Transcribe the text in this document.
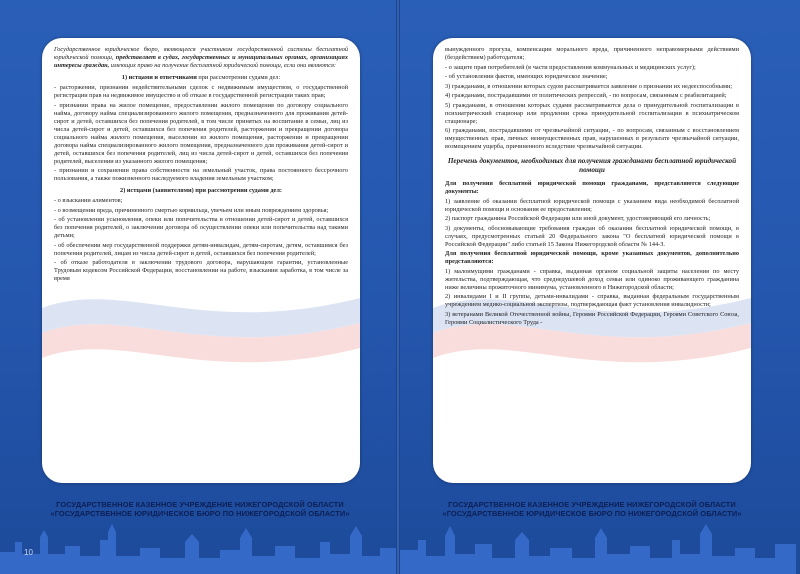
Государственное юридическое бюро, являющееся участником государственной системы бесплатной юридической помощи, представляет в судах, государственных и муниципальных органах, организациях интересы граждан, имеющих право на получение бесплатной юридической помощи, если они являются:

1) истцами и ответчиками при рассмотрении судами дел:

- расторжении, признании недействительными сделок с недвижимым имуществом, о государственной регистрации прав на недвижимое имущество и об отказе в государственной регистрации таких прав;

- признании права на жилое помещение, предоставлении жилого помещения по договору социального найма, договору найма специализированного жилого помещения, предназначенного для проживания детей-сирот и детей, оставшихся без попечения родителей, в том числе принятых на воспитание в семьи, лиц из числа детей-сирот и детей, оставшихся без попечения родителей, расторжении и прекращении договора социального найма жилого помещения, выселении из жилого помещения, расторжении и прекращении договора найма специализированного жилого помещения, предназначенного для проживания детей-сирот и детей, оставшихся без попечения родителей, лиц из числа детей-сирот и детей, оставшихся без попечения родителей, выселении из указанного жилого помещения;

- признании и сохранении права собственности на земельный участок, права постоянного бессрочного пользования, а также пожизненного наследуемого владения земельным участком;

2) истцами (заявителями) при рассмотрении судами дел:

- о взыскании алиментов;

- о возмещении вреда, причиненного смертью кормильца, увечьем или иным повреждением здоровья;

- об установлении усыновления, опеки или попечительства в отношении детей-сирот и детей, оставшихся без попечения родителей, о заключении договора об осуществлении опеки или попечительства над такими детьми;

- об обеспечении мер государственной поддержки детям-инвалидам, детям-сиротам, детям, оставшимся без попечения родителей, лицам из числа детей-сирот и детей, оставшихся без попечения родителей;

- об отказе работодателя в заключении трудового договора, нарушающем гарантии, установленные Трудовым кодексом Российской Федерации, восстановлении на работе, взыскании заработка, в том числе за время

вынужденного прогула, компенсации морального вреда, причиненного неправомерными действиями (бездействием) работодателя;

- о защите прав потребителей (в части предоставления коммунальных и медицинских услуг);

- об установлении фактов, имеющих юридическое значение;

3) гражданами, в отношении которых судом рассматривается заявление о признании их недееспособными;

4) гражданами, пострадавшими от политических репрессий, - по вопросам, связанным с реабилитацией;

5) гражданами, в отношении которых судами рассматриваются дела о принудительной госпитализации в психиатрический стационар или продлении срока принудительной госпитализации в психиатрическом стационаре;

6) гражданами, пострадавшими от чрезвычайной ситуации, - по вопросам, связанным с восстановлением имущественных прав, личных неимущественных прав, нарушенных в результате чрезвычайной ситуации, возмещением ущерба, причиненного вследствие чрезвычайной ситуации.

Перечень документов, необходимых для получения гражданами бесплатной юридической помощи

Для получения бесплатной юридической помощи гражданами, представляются следующие документы:

1) заявление об оказании бесплатной юридической помощи с указанием вида необходимой бесплатной юридической помощи и основания ее предоставления;

2) паспорт гражданина Российской Федерации или иной документ, удостоверяющий его личность;

3) документы, обосновывающие требования граждан об оказании бесплатной юридической помощи, в случаях, предусмотренных статьей 20 Федерального закона "О бесплатной юридической помощи в Российской Федерации" либо статьей 15 Закона Нижегородской области № 144-З.

Для получения бесплатной юридической помощи, кроме указанных документов, дополнительно представляются:

1) малоимущими гражданами - справка, выданная органом социальной защиты населения по месту жительства, подтверждающая, что среднедушевой доход семьи или одиноко проживающего гражданина ниже величины прожиточного минимума, установленного в Нижегородской области;

2) инвалидами I и II группы, детьми-инвалидами - справка, выданная федеральным государственным учреждением медико-социальной экспертизы, подтверждающая факт установления инвалидности;

3) ветеранами Великой Отечественной войны, Героями Российской Федерации, Героями Советского Союза, Героями Социалистического Труда -

ГОСУДАРСТВЕННОЕ КАЗЕННОЕ УЧРЕЖДЕНИЕ НИЖЕГОРОДСКОЙ ОБЛАСТИ
«ГОСУДАРСТВЕННОЕ ЮРИДИЧЕСКОЕ БЮРО ПО НИЖЕГОРОДСКОЙ ОБЛАСТИ»
ГОСУДАРСТВЕННОЕ КАЗЕННОЕ УЧРЕЖДЕНИЕ НИЖЕГОРОДСКОЙ ОБЛАСТИ
«ГОСУДАРСТВЕННОЕ ЮРИДИЧЕСКОЕ БЮРО ПО НИЖЕГОРОДСКОЙ ОБЛАСТИ»
10
